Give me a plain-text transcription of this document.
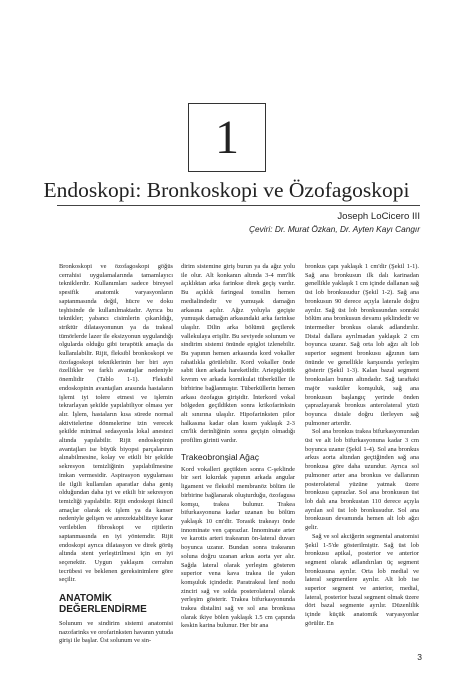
1
Endoskopi: Bronkoskopi ve Özofagoskopi
Joseph LoCicero III
Çeviri: Dr. Murat Özkan, Dr. Ayten Kayı Cangır

Bronkoskopi ve özofagoskopi göğüs cerrahisi uygulamalarında tamamlayıcı tekniklerdir. Kullanımları sadece bireysel spesifik anatomik varyasyonların saptanmasında değil, hücre ve doku teşhisinde de kullanılmaktadır. Ayrıca bu teknikler; yabancı cisimlerin çıkarıldığı, striktür dilatasyonunun ya da trakeal tümörlerde lazer ile eksizyonun uygulandığı olgularda olduğu gibi terapötik amaçla da kullanılabilir. Rijit, fleksibl bronkoskopi ve özofagoskopi tekniklerinin her biri ayrı özellikler ve farklı avantajlar nedeniyle önemlidir (Tablo 1-1). Fleksibl endoskopinin avantajları arasında hastaların işlemi iyi tolere etmesi ve işlemin tekrarlayan şekilde yapılabiliyor olması yer alır. İşlem, hastaların kısa sürede normal aktivitelerine dönmelerine izin verecek şekilde minimal sedasyonla lokal anestezi altında yapılabilir. Rijit endoskopinin avantajları ise büyük biyopsi parçalarının alınabilmesine, kolay ve etkili bir şekilde sekresyon temizliğinin yapılabilmesine imkan vermesidir. Aspirasyon uygulaması ile ilgili kullanılan aparatlar daha geniş olduğundan daha iyi ve etkili bir sekresyon temizliği yapılabilir. Rijit endoskopi ikincil amaçlar olarak ek işlem ya da kanser nedeniyle gelişen ve anrezektabiliteye karar verilebilen fibroskopi ve rijitlerin saptanmasında en iyi yöntemdir. Rijit endoskopi ayrıca dilatasyon ve direk görüş altında stent yerleştirilmesi için en iyi seçenektir. Uygun yaklaşım cerrahın tecrübesi ve beklenen gereksinimlere göre seçilir.

ANATOMİK DEĞERLENDİRME

Solunum ve sindirim sistemi anatomisi nazofarinks ve orofarinksten havanın yutuda girişi ile başlar. Üst solunum ve sin-

dirim sistemine giriş burun ya da ağız yolu ile olur. Alt konkanın altında 3-4 mm'lik açıklıktan arka farinkse direk geçiş vardır. Bu açıklık faringeal tonsilin hemen medialindedir ve yumuşak damağın arkasına açılır. Ağız yoluyla geçişte yumuşak damağın arkasındaki arka farinkse ulaşılır. Dilin arka bölümü geçilerek vallekulaya erişilir. Bu seviyede solunum ve sindirim sistemi önünde epiglot izlenebilir. Bu yapının hemen arkasında kord vokaller rahatlıkla görülebilir. Kord vokaller önde sabit iken arkada hareketlidir. Ariepiglottik kıvrım ve arkada kornikulat tüberküller ile birbirine bağlanmıştır. Tüberküllerin hemen arkası özofagus girişidir. İnterkord vokal bölgeden geçildikten sonra krikofarinksin alt sınırına ulaşılır. Hipofarinksten pilor halkasına kadar olan kısım yaklaşık 2-3 cm'lik derinliğinin sonra geçişin olmadığı profilim girinti vardır.

Trakeobronşial Ağaç

Kord vokalleri geçtikten sonra C-şeklinde bir seri kıkırdak yapının arkada angular ligament ve fleksibl membranöz bölüm ile birbirine bağlanarak oluşturduğu, özofagusa komşu, trakea bulunur. Trakea bifurkasyonuna kadar uzanan bu bölüm yaklaşık 10 cm'dir. Torasik trakeayı önde innominate ven çaprazlar. İnnominate arter ve karotis arteri trakeanın ön-lateral duvarı boyunca uzanır. Bundan sonra trakeanın soluna doğru uzanan arkus aorta yer alır. Sağda lateral olarak yerleşim gösteren superior vena kava trakea ile yakın komşuluk içindedir. Paratrakeal lenf nodu zinciri sağ ve solda posterolateral olarak yerleşim gösterir. Trakea bifurkasyonunda trakea distalini sağ ve sol ana bronkusa olarak ikiye bölen yaklaşık 1.5 cm çapında keskin karina bulunur. Her bir ana

bronkus çapı yaklaşık 1 cm'dir (Şekil 1-1). Sağ ana bronkusun ilk dalı karinadan genellikle yaklaşık 1 cm içinde dallanan sağ üst lob bronkusudur (Şekil 1-2). Sağ ana bronkusun 90 derece açıyla laterale doğru ayrılır. Sağ üst lob bronkusundan sonraki bölüm ana bronkusun devamı şeklindedir ve intermedier bronkus olarak adlandırılır. Distal dallara ayrılmadan yaklaşık 2 cm boyunca uzanır. Sağ orta lob ağzı alt lob superior segment bronkusu ağzının tam önünde ve genellikle karşısında yerleşim gösterir (Şekil 1-3). Kalan bazal segment bronkusları bunun altındadır. Sağ taraftaki majör vasküler komşuluk, sağ ana bronkusun başlangıç yerinde önden çaprazlayarak bronkus anterolateral yüzü boyunca distale doğru ilerleyen sağ pulmoner arterdir.

Sol ana bronkus trakea bifurkasyonundan üst ve alt lob bifurkasyonuna kadar 3 cm boyunca uzanır (Şekil 1-4). Sol ana bronkus arkus aorta altından geçtiğinden sağ ana bronkusa göre daha uzundur. Ayrıca sol pulmoner arter ana bronkus ve dallarının posterolateral yüzüne yatmak üzere bronkusu çaprazlar. Sol ana bronkusun üst lob dalı ana bronkustan 110 derece açıyla ayrılan sol üst lob bronkusudur. Sol ana bronkusun devamında hemen alt lob ağzı gelir.

Sağ ve sol akciğerin segmental anatomisi Şekil 1-5'de gösterilmiştir. Sağ üst lob bronkusu apikal, posterior ve anterior segment olarak adlandırılan üç segment bronkusuna ayrılır. Orta lob medial ve lateral segmentlere ayrılır. Alt lob ise superior segment ve anterior, medial, lateral, posterior bazal segment olmak üzere dört bazal segmente ayrılır. Düzenlilik içinde küçük anatomik varyasyonlar görülür. En

3
